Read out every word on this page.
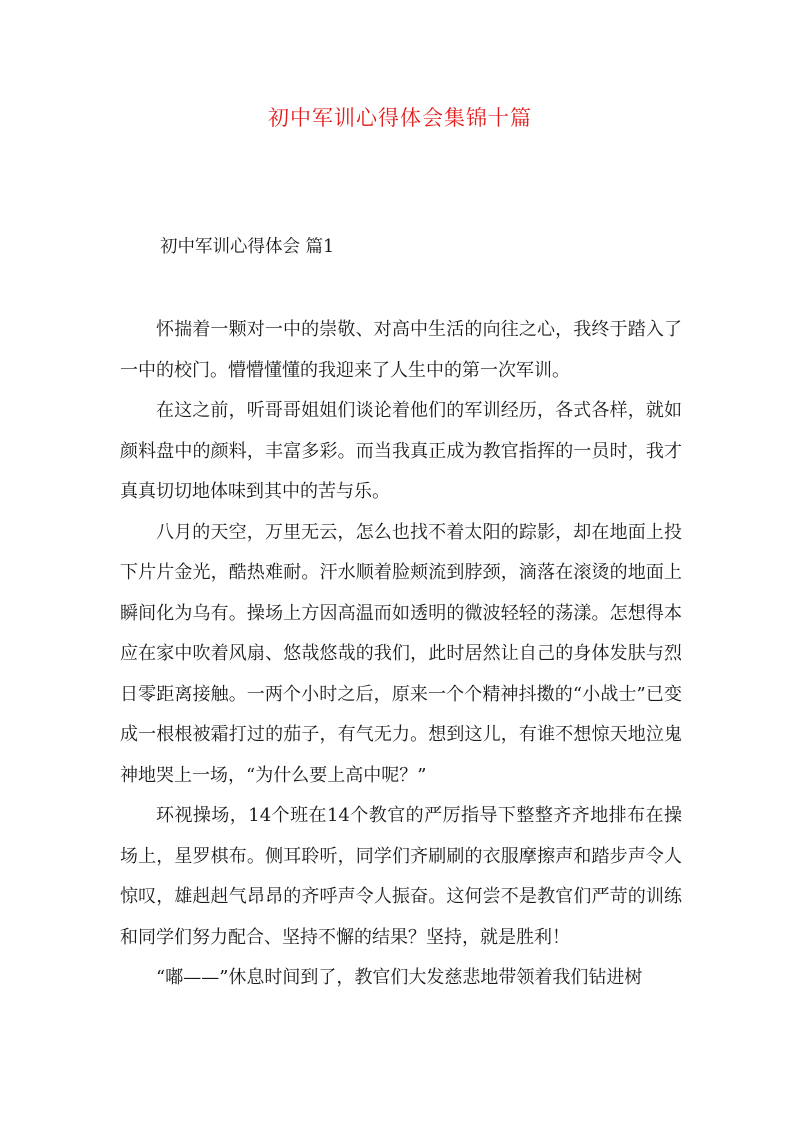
初中军训心得体会集锦十篇
初中军训心得体会 篇1

怀揣着一颗对一中的崇敬、对高中生活的向往之心，我终于踏入了一中的校门。懵懵懂懂的我迎来了人生中的第一次军训。

在这之前，听哥哥姐姐们谈论着他们的军训经历，各式各样，就如颜料盘中的颜料，丰富多彩。而当我真正成为教官指挥的一员时，我才真真切切地体味到其中的苦与乐。

八月的天空，万里无云，怎么也找不着太阳的踪影，却在地面上投下片片金光，酷热难耐。汗水顺着脸颊流到脖颈，滴落在滚烫的地面上瞬间化为乌有。操场上方因高温而如透明的微波轻轻的荡漾。怎想得本应在家中吹着风扇、悠哉悠哉的我们，此时居然让自己的身体发肤与烈日零距离接触。一两个小时之后，原来一个个精神抖擞的“小战士”已变成一根根被霜打过的茄子，有气无力。想到这儿，有谁不想惊天地泣鬼神地哭上一场，“为什么要上高中呢？”

环视操场，14个班在14个教官的严厉指导下整整齐齐地排布在操场上，星罗棋布。侧耳聆听，同学们齐刷刷的衣服摩擦声和踏步声令人惊叹，雄赳赳气昂昂的齐呼声令人振奋。这何尝不是教官们严苛的训练和同学们努力配合、坚持不懈的结果？坚持，就是胜利！

“嘟——”休息时间到了，教官们大发慈悲地带领着我们钻进树
